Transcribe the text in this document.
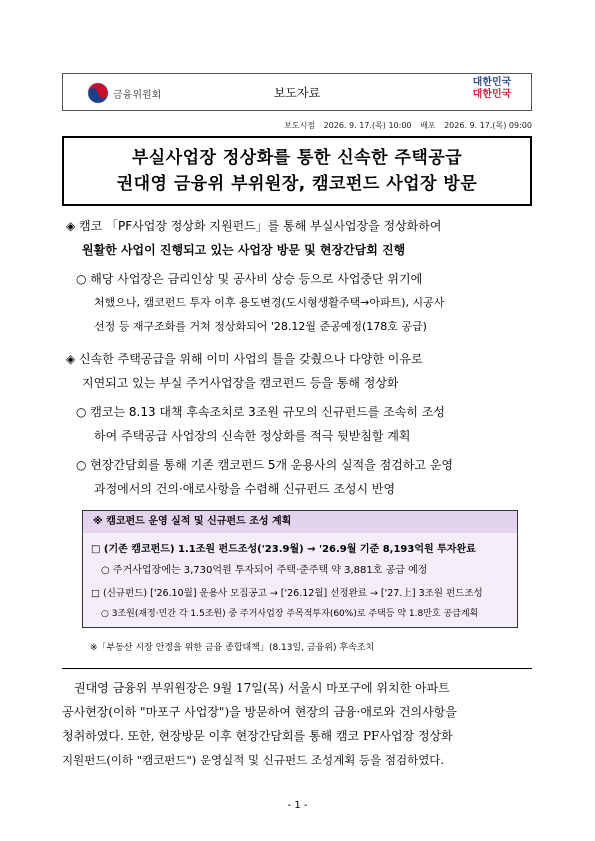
금융위원회	보도자료
대한민국
대한민국
보도시점 2026. 9. 17.(목) 10:00 배포 2026. 9. 17.(목) 09:00
부실사업장 정상화를 통한 신속한 주택공급
권대영 금융위 부위원장, 캠코펀드 사업장 방문
◈ 캠코 「PF사업장 정상화 지원펀드」를 통해 부실사업장을 정상화하여
원활한 사업이 진행되고 있는 사업장 방문 및 현장간담회 진행
○ 해당 사업장은 금리인상 및 공사비 상승 등으로 사업중단 위기에
처했으나, 캠코펀드 투자 이후 용도변경(도시형생활주택→아파트), 시공사
선정 등 재구조화를 거쳐 정상화되어 '28.12월 준공예정(178호 공급)
◈ 신속한 주택공급을 위해 이미 사업의 틀을 갖췄으나 다양한 이유로
지연되고 있는 부실 주거사업장을 캠코펀드 등을 통해 정상화
○ 캠코는 8.13 대책 후속조치로 3조원 규모의 신규펀드를 조속히 조성
하여 주택공급 사업장의 신속한 정상화를 적극 뒷받침할 계획
○ 현장간담회를 통해 기존 캠코펀드 5개 운용사의 실적을 점검하고 운영
과정에서의 건의·애로사항을 수렴해 신규펀드 조성시 반영
※ 캠코펀드 운영 실적 및 신규펀드 조성 계획
□ (기존 캠코펀드) 1.1조원 펀드조성('23.9월) → '26.9월 기준 8,193억원 투자완료
○ 주거사업장에는 3,730억원 투자되어 주택·준주택 약 3,881호 공급 예정
□ (신규펀드) ['26.10월] 운용사 모집공고 → ['26.12월] 선정완료 → ['27.上] 3조원 펀드조성
○ 3조원(재정·민간 각 1.5조원) 중 주거사업장 주목적투자(60%)로 주택등 약 1.8만호 공급계획
※「부동산 시장 안정을 위한 금융 종합대책」(8.13일, 금융위) 후속조치
권대영 금융위 부위원장은 9월 17일(목) 서울시 마포구에 위치한 아파트
공사현장(이하 "마포구 사업장")을 방문하여 현장의 금융·애로와 건의사항을
청취하였다. 또한, 현장방문 이후 현장간담회를 통해 캠코 PF사업장 정상화
지원펀드(이하 "캠코펀드") 운영실적 및 신규펀드 조성계획 등을 점검하였다.
- 1 -
